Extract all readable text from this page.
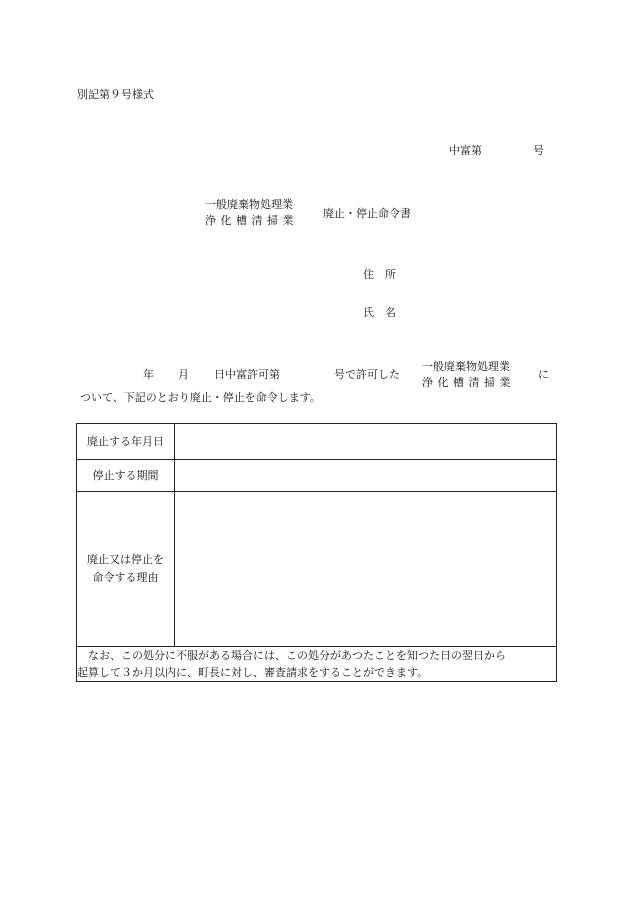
別記第９号様式
中富第	号
一般廃棄物処理業
浄化槽清掃業
廃止・停止命令書
住　所
氏　名
年 月 日中富許可第	号で許可した
一般廃棄物処理業
浄化槽清掃業
に
ついて、下記のとおり廃止・停止を命令します。
廃止する年月日	
停止する期間	

廃止又は停止を
命令する理由	

なお、この処分に不服がある場合には、この処分があつたことを知つた日の翌日から
起算して３か月以内に、町長に対し、審査請求をすることができます。	
